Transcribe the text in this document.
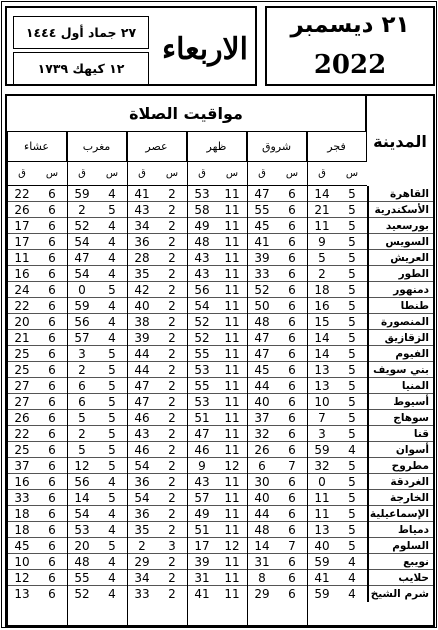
٢٧ جماد أول ١٤٤٤
١٢ كيهك ١٧٣٩
الاربعاء
٢١ ديسمبر
2022
مواقيت الصلاة
المدينة
فجر
ق	س
شروق
ق	س
ظهر
ق	س
عصر
ق	س
مغرب
ق	س
عشاء
ق	س
القاهرة
14	5
47	6
53	11
41	2
59	4
22	6
الأسكندرية
21	5
55	6
58	11
43	2
2	5
26	6
بورسعيد
11	5
45	6
49	11
34	2
52	4
17	6
السويس
9	5
41	6
48	11
36	2
54	4
17	6
العريش
5	5
39	6
43	11
28	2
47	4
11	6
الطور
2	5
33	6
43	11
35	2
54	4
16	6
دمنهور
18	5
52	6
56	11
42	2
0	5
24	6
طنطا
16	5
50	6
54	11
40	2
59	4
22	6
المنصورة
15	5
48	6
52	11
38	2
56	4
20	6
الزقازيق
14	5
47	6
52	11
39	2
57	4
21	6
الفيوم
14	5
47	6
55	11
44	2
3	5
25	6
بني سويف
13	5
45	6
53	11
44	2
2	5
25	6
المنيا
13	5
44	6
55	11
47	2
6	5
27	6
أسيوط
10	5
40	6
53	11
47	2
6	5
27	6
سوهاج
7	5
37	6
51	11
46	2
5	5
26	6
قنا
3	5
32	6
47	11
43	2
2	5
22	6
أسوان
59	4
26	6
46	11
46	2
5	5
25	6
مطروح
32	5
6	7
9	12
54	2
12	5
37	6
الغردقة
0	5
30	6
43	11
36	2
56	4
16	6
الخارجة
11	5
40	6
57	11
54	2
14	5
33	6
الإسماعيلية
11	5
44	6
49	11
36	2
54	4
18	6
دمياط
13	5
48	6
51	11
35	2
53	4
18	6
السلوم
40	5
14	7
17	12
2	3
20	5
45	6
نويبع
59	4
31	6
39	11
29	2
48	4
10	6
حلايب
41	4
8	6
31	11
34	2
55	4
12	6
شرم الشيخ
59	4
29	6
41	11
33	2
52	4
13	6
